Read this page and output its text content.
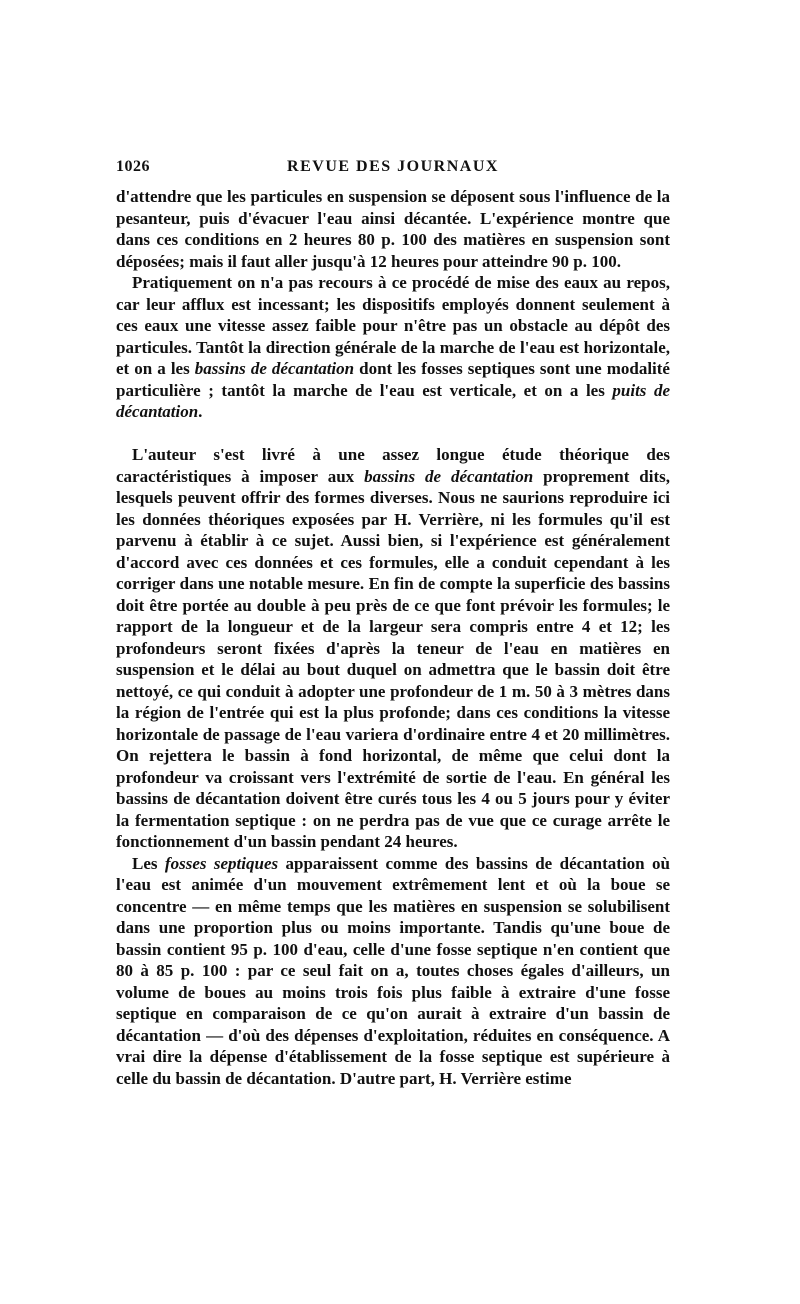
1026	REVUE DES JOURNAUX

d'attendre que les particules en suspension se déposent sous l'influence de la pesanteur, puis d'évacuer l'eau ainsi décantée. L'expérience montre que dans ces conditions en 2 heures 80 p. 100 des matières en suspension sont déposées; mais il faut aller jusqu'à 12 heures pour atteindre 90 p. 100.

Pratiquement on n'a pas recours à ce procédé de mise des eaux au repos, car leur afflux est incessant; les dispositifs employés donnent seulement à ces eaux une vitesse assez faible pour n'être pas un obstacle au dépôt des particules. Tantôt la direction générale de la marche de l'eau est horizontale, et on a les bassins de décantation dont les fosses septiques sont une modalité particulière ; tantôt la marche de l'eau est verticale, et on a les puits de décantation.

L'auteur s'est livré à une assez longue étude théorique des caractéristiques à imposer aux bassins de décantation proprement dits, lesquels peuvent offrir des formes diverses. Nous ne saurions reproduire ici les données théoriques exposées par H. Verrière, ni les formules qu'il est parvenu à établir à ce sujet. Aussi bien, si l'expérience est généralement d'accord avec ces données et ces formules, elle a conduit cependant à les corriger dans une notable mesure. En fin de compte la superficie des bassins doit être portée au double à peu près de ce que font prévoir les formules; le rapport de la longueur et de la largeur sera compris entre 4 et 12; les profondeurs seront fixées d'après la teneur de l'eau en matières en suspension et le délai au bout duquel on admettra que le bassin doit être nettoyé, ce qui conduit à adopter une profondeur de 1 m. 50 à 3 mètres dans la région de l'entrée qui est la plus profonde; dans ces conditions la vitesse horizontale de passage de l'eau variera d'ordinaire entre 4 et 20 millimètres. On rejettera le bassin à fond horizontal, de même que celui dont la profondeur va croissant vers l'extrémité de sortie de l'eau. En général les bassins de décantation doivent être curés tous les 4 ou 5 jours pour y éviter la fermentation septique : on ne perdra pas de vue que ce curage arrête le fonctionnement d'un bassin pendant 24 heures.

Les fosses septiques apparaissent comme des bassins de décantation où l'eau est animée d'un mouvement extrêmement lent et où la boue se concentre — en même temps que les matières en suspension se solubilisent dans une proportion plus ou moins importante. Tandis qu'une boue de bassin contient 95 p. 100 d'eau, celle d'une fosse septique n'en contient que 80 à 85 p. 100 : par ce seul fait on a, toutes choses égales d'ailleurs, un volume de boues au moins trois fois plus faible à extraire d'une fosse septique en comparaison de ce qu'on aurait à extraire d'un bassin de décantation — d'où des dépenses d'exploitation, réduites en conséquence. A vrai dire la dépense d'établissement de la fosse septique est supérieure à celle du bassin de décantation. D'autre part, H. Verrière estime
